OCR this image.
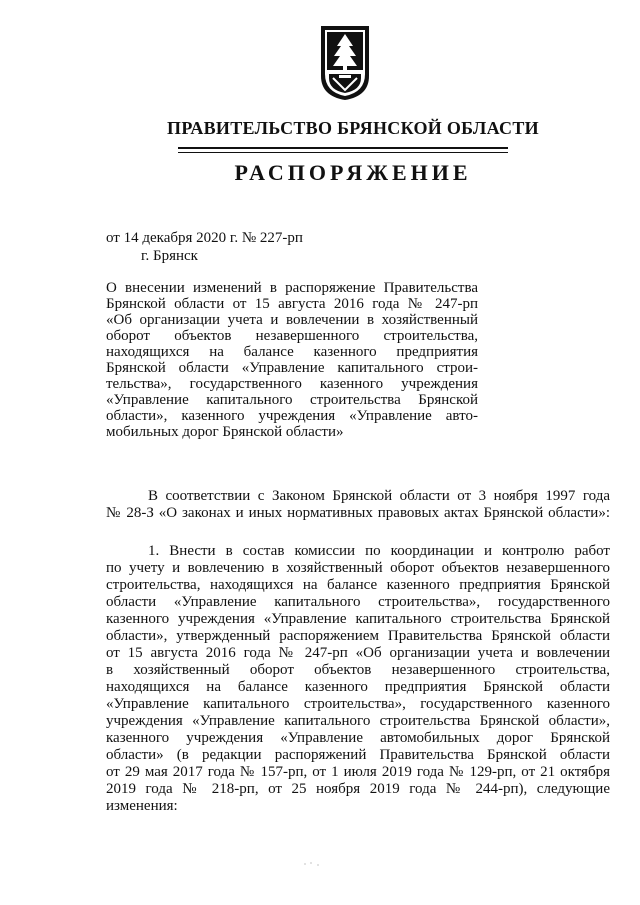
ПРАВИТЕЛЬСТВО БРЯНСКОЙ ОБЛАСТИ
РАСПОРЯЖЕНИЕ
от 14 декабря 2020 г. № 227-рп
г. Брянск
О внесении изменений в распоряжение Правительства
Брянской области от 15 августа 2016 года № 247-рп
«Об организации учета и вовлечении в хозяйственный
оборот объектов незавершенного строительства,
находящихся на балансе казенного предприятия
Брянской области «Управление капитального строи-
тельства», государственного казенного учреждения
«Управление капитального строительства Брянской
области», казенного учреждения «Управление авто-
мобильных дорог Брянской области»
В соответствии с Законом Брянской области от 3 ноября 1997 года
№ 28-З «О законах и иных нормативных правовых актах Брянской области»:
1. Внести в состав комиссии по координации и контролю работ
по учету и вовлечению в хозяйственный оборот объектов незавершенного
строительства, находящихся на балансе казенного предприятия Брянской
области «Управление капитального строительства», государственного
казенного учреждения «Управление капитального строительства Брянской
области», утвержденный распоряжением Правительства Брянской области
от 15 августа 2016 года № 247-рп «Об организации учета и вовлечении
в хозяйственный оборот объектов незавершенного строительства,
находящихся на балансе казенного предприятия Брянской области
«Управление капитального строительства», государственного казенного
учреждения «Управление капитального строительства Брянской области»,
казенного учреждения «Управление автомобильных дорог Брянской
области» (в редакции распоряжений Правительства Брянской области
от 29 мая 2017 года № 157-рп, от 1 июля 2019 года № 129-рп, от 21 октября
2019 года № 218-рп, от 25 ноября 2019 года № 244-рп), следующие
изменения:
